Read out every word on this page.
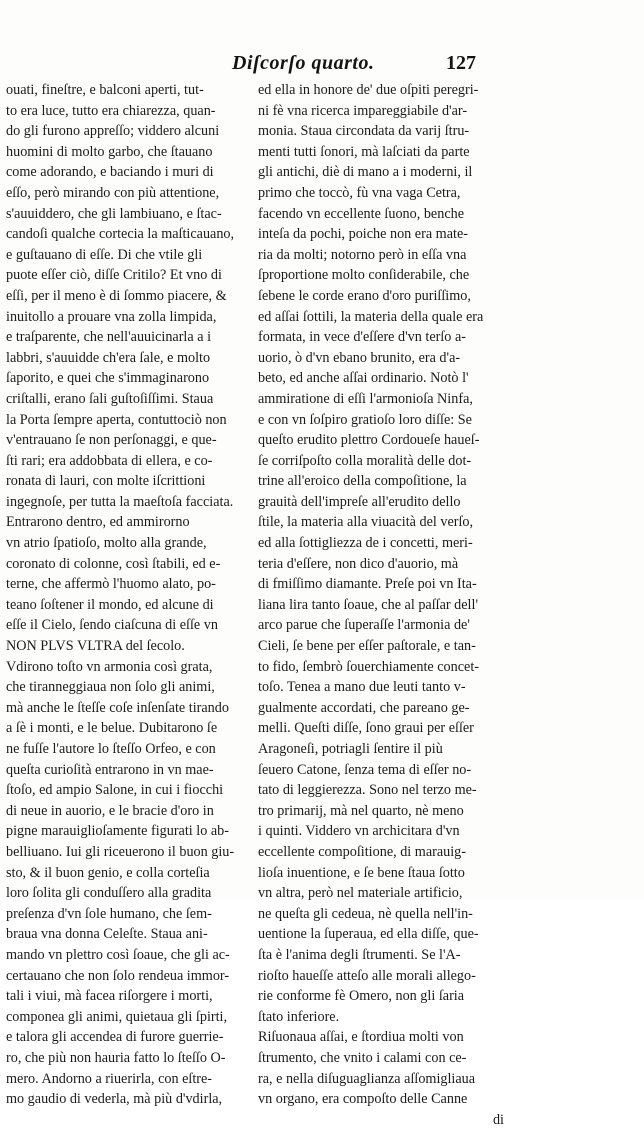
Diſcorſo quarto.	127
ouati, fineſtre, e balconi aperti, tut-
to era luce, tutto era chiarezza, quan-
do gli furono appreſſo; viddero alcuni
huomini di molto garbo, che ſtauano
come adorando, e baciando i muri di
eſſo, però mirando con più attentione,
s'auuiddero, che gli lambiuano, e ſtac-
candoſi qualche cortecia la maſticauano,
e guſtauano di eſſe. Di che vtile gli
puote eſſer ciò, diſſe Critilo? Et vno di
eſſi, per il meno è di ſommo piacere, &
inuitollo a prouare vna zolla limpida,
e traſparente, che nell'auuicinarla a i
labbri, s'auuidde ch'era ſale, e molto
ſaporito, e quei che s'immaginarono
criſtalli, erano ſali guſtoſiſſimi. Staua
la Porta ſempre aperta, contuttociò non
v'entrauano ſe non perſonaggi, e que-
ſti rari; era addobbata di ellera, e co-
ronata di lauri, con molte iſcrittioni
ingegnoſe, per tutta la maeſtoſa facciata.
Entrarono dentro, ed ammirorno
vn atrio ſpatioſo, molto alla grande,
coronato di colonne, così ſtabili, ed e-
terne, che affermò l'huomo alato, po-
teano ſoſtener il mondo, ed alcune di
eſſe il Cielo, ſendo ciaſcuna di eſſe vn
NON PLVS VLTRA del ſecolo.
Vdirono toſto vn armonia così grata,
che tiranneggiaua non ſolo gli animi,
mà anche le ſteſſe coſe inſenſate tirando
a ſè i monti, e le belue. Dubitarono ſe
ne fuſſe l'autore lo ſteſſo Orfeo, e con
queſta curioſità entrarono in vn mae-
ſtoſo, ed ampio Salone, in cui i fiocchi
di neue in auorio, e le bracie d'oro in
pigne marauiglioſamente figurati lo ab-
belliuano. Iui gli riceuerono il buon giu-
sto, & il buon genio, e colla corteſia
loro ſolita gli conduſſero alla gradita
preſenza d'vn ſole humano, che ſem-
braua vna donna Celeſte. Staua ani-
mando vn plettro così ſoaue, che gli ac-
certauano che non ſolo rendeua immor-
tali i viui, mà facea riſorgere i morti,
componea gli animi, quietaua gli ſpirti,
e talora gli accendea di furore guerrie-
ro, che più non hauria fatto lo ſteſſo O-
mero. Andorno a riuerirla, con eſtre-
mo gaudio di vederla, mà più d'vdirla,
ed ella in honore de' due oſpiti peregri-
ni fè vna ricerca impareggiabile d'ar-
monia. Staua circondata da varij ſtru-
menti tutti ſonori, mà laſciati da parte
gli antichi, diè di mano a i moderni, il
primo che toccò, fù vna vaga Cetra,
facendo vn eccellente ſuono, benche
inteſa da pochi, poiche non era mate-
ria da molti; notorno però in eſſa vna
ſproportione molto conſiderabile, che
ſebene le corde erano d'oro puriſſimo,
ed aſſai ſottili, la materia della quale era
formata, in vece d'eſſere d'vn terſo a-
uorio, ò d'vn ebano brunito, era d'a-
beto, ed anche aſſai ordinario. Notò l'
ammiratione di eſſi l'armonioſa Ninfa,
e con vn ſoſpiro gratioſo loro diſſe: Se
queſto erudito plettro Cordoueſe haueſ-
ſe corriſpoſto colla moralità delle dot-
trine all'eroico della compoſitione, la
grauità dell'impreſe all'erudito dello
ſtile, la materia alla viuacità del verſo,
ed alla ſottigliezza de i concetti, meri-
teria d'eſſere, non dico d'auorio, mà
di fmiſſimo diamante. Preſe poi vn Ita-
liana lira tanto ſoaue, che al paſſar dell'
arco parue che ſuperaſſe l'armonia de'
Cieli, ſe bene per eſſer paſtorale, e tan-
to fido, ſembrò ſouerchiamente concet-
toſo. Tenea a mano due leuti tanto v-
gualmente accordati, che pareano ge-
melli. Queſti diſſe, ſono graui per eſſer
Aragoneſi, potriagli ſentire il più
ſeuero Catone, ſenza tema di eſſer no-
tato di leggierezza. Sono nel terzo me-
tro primarij, mà nel quarto, nè meno
i quinti. Viddero vn archicitara d'vn
eccellente compoſitione, di marauig-
lioſa inuentione, e ſe bene ſtaua ſotto
vn altra, però nel materiale artificio,
ne queſta gli cedeua, nè quella nell'in-
uentione la ſuperaua, ed ella diſſe, que-
ſta è l'anima degli ſtrumenti. Se l'A-
rioſto haueſſe atteſo alle morali allego-
rie conforme fè Omero, non gli ſaria
ſtato inferiore.
Riſuonaua aſſai, e ſtordiua molti von
ſtrumento, che vnito i calami con ce-
ra, e nella diſuguaglianza aſſomigliaua
vn organo, era compoſto delle Canne
di
